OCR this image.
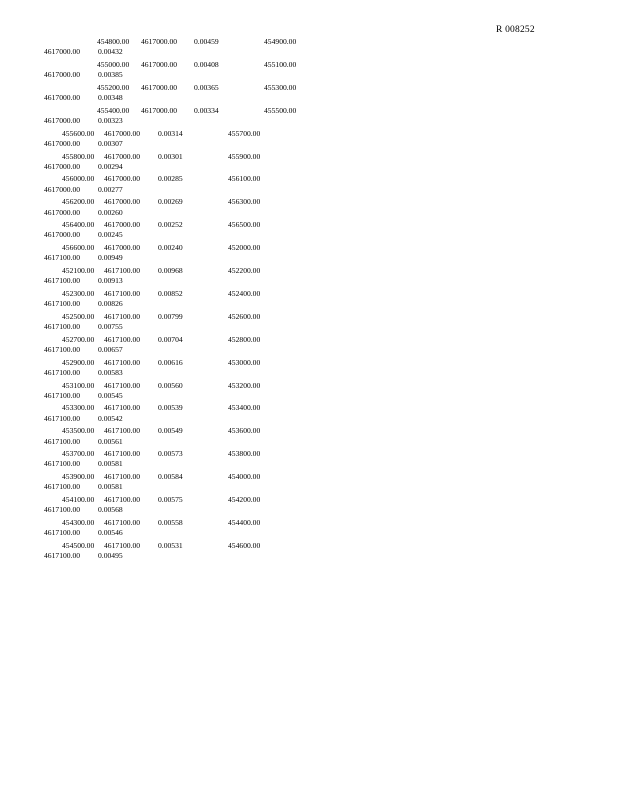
R 008252
454800.00 4617000.00 0.00459	454900.00
4617000.00 0.00432
455000.00 4617000.00 0.00408	455100.00
4617000.00 0.00385
455200.00 4617000.00 0.00365	455300.00
4617000.00 0.00348
455400.00 4617000.00 0.00334	455500.00
4617000.00 0.00323
455600.00 4617000.00 0.00314	455700.00
4617000.00 0.00307
455800.00 4617000.00 0.00301	455900.00
4617000.00 0.00294
456000.00 4617000.00 0.00285	456100.00
4617000.00 0.00277
456200.00 4617000.00 0.00269	456300.00
4617000.00 0.00260
456400.00 4617000.00 0.00252	456500.00
4617000.00 0.00245
456600.00 4617000.00 0.00240	452000.00
4617100.00 0.00949
452100.00 4617100.00 0.00968	452200.00
4617100.00 0.00913
452300.00 4617100.00 0.00852	452400.00
4617100.00 0.00826
452500.00 4617100.00 0.00799	452600.00
4617100.00 0.00755
452700.00 4617100.00 0.00704	452800.00
4617100.00 0.00657
452900.00 4617100.00 0.00616	453000.00
4617100.00 0.00583
453100.00 4617100.00 0.00560	453200.00
4617100.00 0.00545
453300.00 4617100.00 0.00539	453400.00
4617100.00 0.00542
453500.00 4617100.00 0.00549	453600.00
4617100.00 0.00561
453700.00 4617100.00 0.00573	453800.00
4617100.00 0.00581
453900.00 4617100.00 0.00584	454000.00
4617100.00 0.00581
454100.00 4617100.00 0.00575	454200.00
4617100.00 0.00568
454300.00 4617100.00 0.00558	454400.00
4617100.00 0.00546
454500.00 4617100.00 0.00531	454600.00
4617100.00 0.00495
